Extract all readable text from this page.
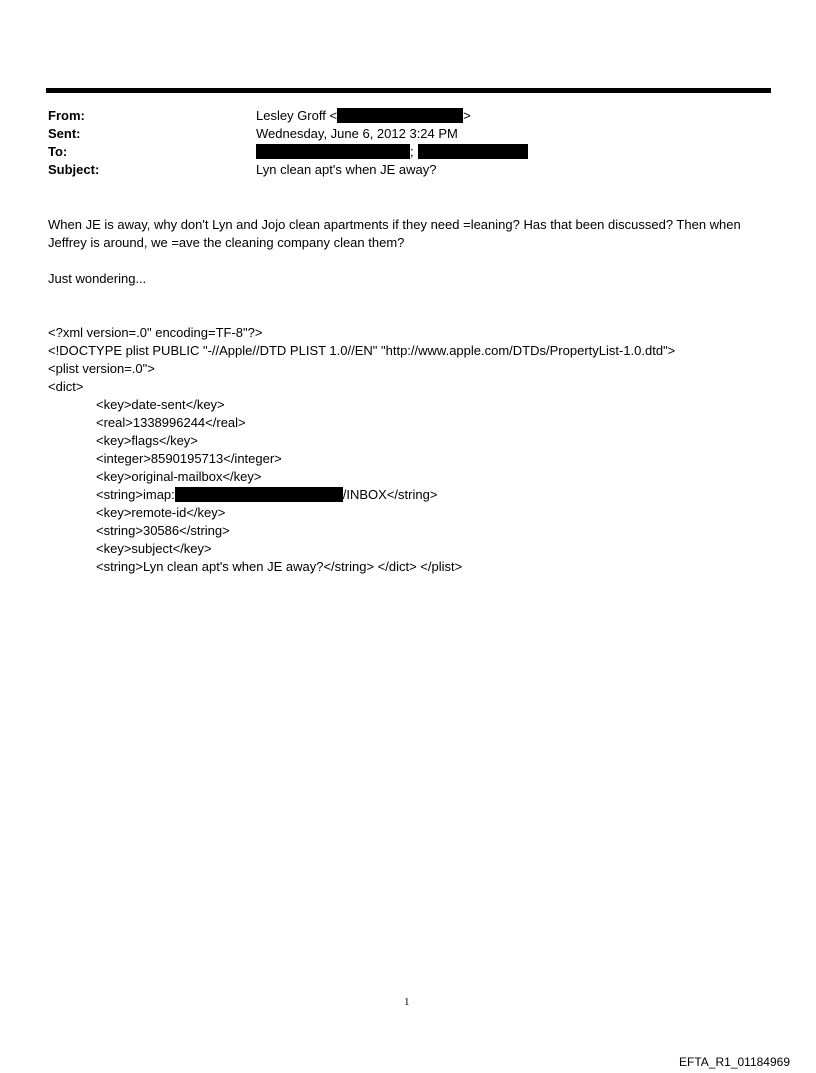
From:
Sent:
To:
Subject:
Lesley Groff <	>
Wednesday, June 6, 2012 3:24 PM
;
Lyn clean apt's when JE away?
When JE is away, why don't Lyn and Jojo clean apartments if they need =leaning? Has that been discussed? Then when
Jeffrey is around, we =ave the cleaning company clean them?
Just wondering...
<?xml version=.0" encoding=TF-8"?>
<!DOCTYPE plist PUBLIC "-//Apple//DTD PLIST 1.0//EN" "http://www.apple.com/DTDs/PropertyList-1.0.dtd">
<plist version=.0">
<dict>
<key>date-sent</key>
<real>1338996244</real>
<key>flags</key>
<integer>8590195713</integer>
<key>original-mailbox</key>
<string>imap:	/INBOX</string>
<key>remote-id</key>
<string>30586</string>
<key>subject</key>
<string>Lyn clean apt's when JE away?</string> </dict> </plist>
1
EFTA_R1_01184969
